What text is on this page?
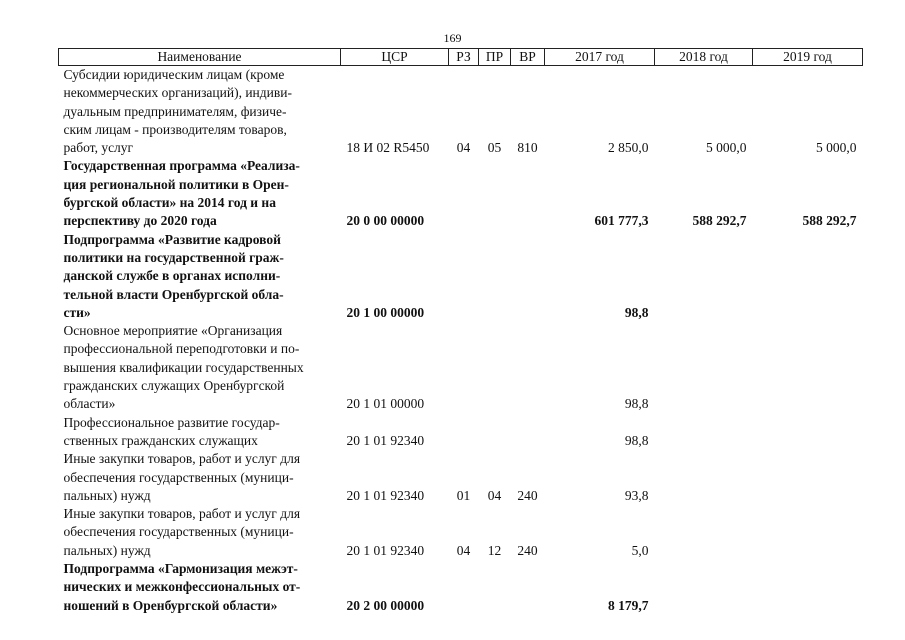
169
Наименование	ЦСР	РЗ	ПР	ВР	2017 год	2018 год	2019 год

Субсидии юридическим лицам (кроме
некоммерческих организаций), индиви-
дуальным предпринимателям, физиче-
ским лицам - производителям товаров,
работ, услуг	18 И 02 R5450	04	05	810	2 850,0	5 000,0	5 000,0

Государственная программа «Реализа-
ция региональной политики в Орен-
бургской области» на 2014 год и на
перспективу до 2020 года	20 0 00 00000				601 777,3	588 292,7	588 292,7

Подпрограмма «Развитие кадровой
политики на государственной граж-
данской службе в органах исполни-
тельной власти Оренбургской обла-
сти»	20 1 00 00000				98,8		

Основное мероприятие «Организация
профессиональной переподготовки и по-
вышения квалификации государственных
гражданских служащих Оренбургской
области»	20 1 01 00000				98,8		

Профессиональное развитие государ-
ственных гражданских служащих	20 1 01 92340				98,8		

Иные закупки товаров, работ и услуг для
обеспечения государственных (муници-
пальных) нужд	20 1 01 92340	01	04	240	93,8		

Иные закупки товаров, работ и услуг для
обеспечения государственных (муници-
пальных) нужд	20 1 01 92340	04	12	240	5,0		

Подпрограмма «Гармонизация межэт-
нических и межконфессиональных от-
ношений в Оренбургской области»	20 2 00 00000				8 179,7		
